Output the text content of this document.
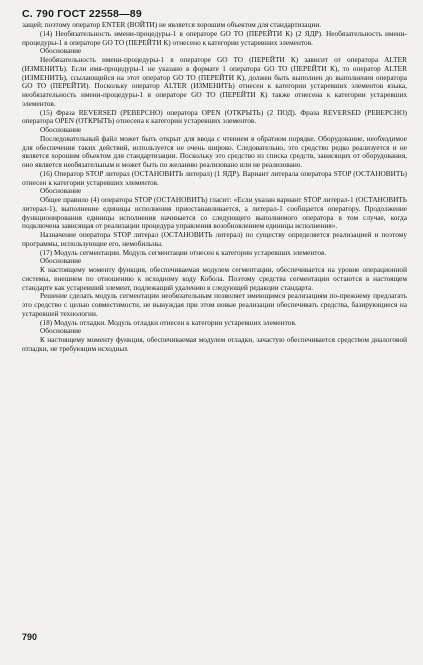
С. 790 ГОСТ 22558—89

защей; поэтому оператор ENTER (ВОЙТИ) не является хорошим объектом для стандартизации.

(14) Необязательность имени-процедуры-1 в операторе GO TO (ПЕРЕЙТИ К) (2 ЯДР). Необязательность имени-процедуры-1 в операторе GO TO (ПЕРЕЙТИ К) отнесено к категории устаревших элементов.

Обоснование

Необязательность имени-процедуры-1 в операторе GO TO (ПЕРЕЙТИ К) зависит от оператора ALTER (ИЗМЕНИТЬ). Если имя-процедуры-1 не указано в формате 1 оператора GO TO (ПЕРЕЙТИ К), то оператор ALTER (ИЗМЕНИТЬ), ссылающийся на этот оператор GO TO (ПЕРЕЙТИ К), должен быть выполнен до выполнения оператора GO TO (ПЕРЕЙТИ). Поскольку оператор ALTER (ИЗМЕНИТЬ) отнесен к категории устаревших элементов языка, необязательность имени-процедуры-1 в операторе GO TO (ПЕРЕЙТИ К) также отнесена к категории устаревших элементов.

(15) Фраза REVERSED (РЕВЕРСНО) оператора OPEN (ОТКРЫТЬ) (2 ПОД). Фраза REVERSED (РЕВЕРСНО) оператора OPEN (ОТКРЫТЬ) отнесена к категории устаревших элементов.

Обоснование

Последовательный файл может быть открыт для ввода с чтением в обратном порядке. Оборудование, необходимое для обеспечения таких действий, используется не очень широко. Следовательно, это средство редко реализуется и не является хорошим объектом для стандартизации. Поскольку это средство из списка средств, зависящих от оборудования, оно является необязательным и может быть по желанию реализовано или не реализовано.

(16) Оператор STOP литерал (ОСТАНОВИТЬ литерал) (1 ЯДР). Вариант литерала оператора STOP (ОСТАНОВИТЬ) отнесен к категории устаревших элементов.

Обоснование

Общее правило (4) оператора STOP (ОСТАНОВИТЬ) гласит: «Если указан вариант STOP литерал-1 (ОСТАНОВИТЬ литерал-1), выполнение единицы исполнения приостанавливается, а литерал-1 сообщается оператору. Продолжение функционирования единицы исполнения начинается со следующего выполнимого оператора в том случае, когда подключена зависящая от реализации процедура управления возобновлением единицы исполнения».

Назначение оператора STOP литерал (ОСТАНОВИТЬ литерал) по существу определяется реализацией и поэтому программы, использующие его, немобильны.

(17) Модуль сегментации. Модуль сегментации отнесен к категории устаревших элементов.

Обоснование

К настоящему моменту функция, обеспечиваемая модулем сегментации, обеспечивается на уровне операционной системы, внешнем по отношению к исходному коду Кобола. Поэтому средства сегментации остаются в настоящем стандарте как устаревший элемент, подлежащий удалению в следующей редакции стандарта.

Решение сделать модуль сегментации необязательным позволяет имеющимся реализациям по-прежнему предлагать это средство с целью совместимости, не вынуждая при этом новые реализации обеспечивать средства, базирующиеся на устаревшей технологии.

(18) Модуль отладки. Модуль отладки отнесен к категории устаревших элементов.

Обоснование

К настоящему моменту функция, обеспечиваемая модулем отладки, зачастую обеспечивается средством диалоговой отладки, не требующим исходных

790
